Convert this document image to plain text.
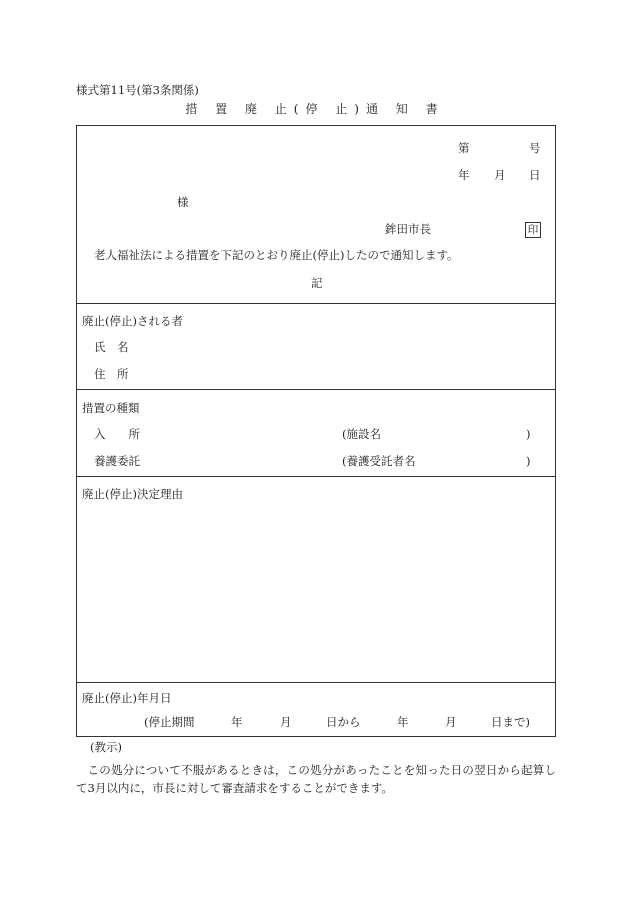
様式第11号(第3条関係)
措 置 廃 止(停 止)通 知 書
第	号
年 月 日
様
鉾田市長	印
老人福祉法による措置を下記のとおり廃止(停止)したので通知します。
記
廃止(停止)される者
氏　名
住　所
措置の種類
入　　所	(施設名	)
養護委託	(養護受託者名	)
廃止(停止)決定理由
廃止(停止)年月日
(停止期間	年	月	日から	年	月	日まで)
(教示)
この処分について不服があるときは，この処分があったことを知った日の翌日から起算して3月以内に，市長に対して審査請求をすることができます。
